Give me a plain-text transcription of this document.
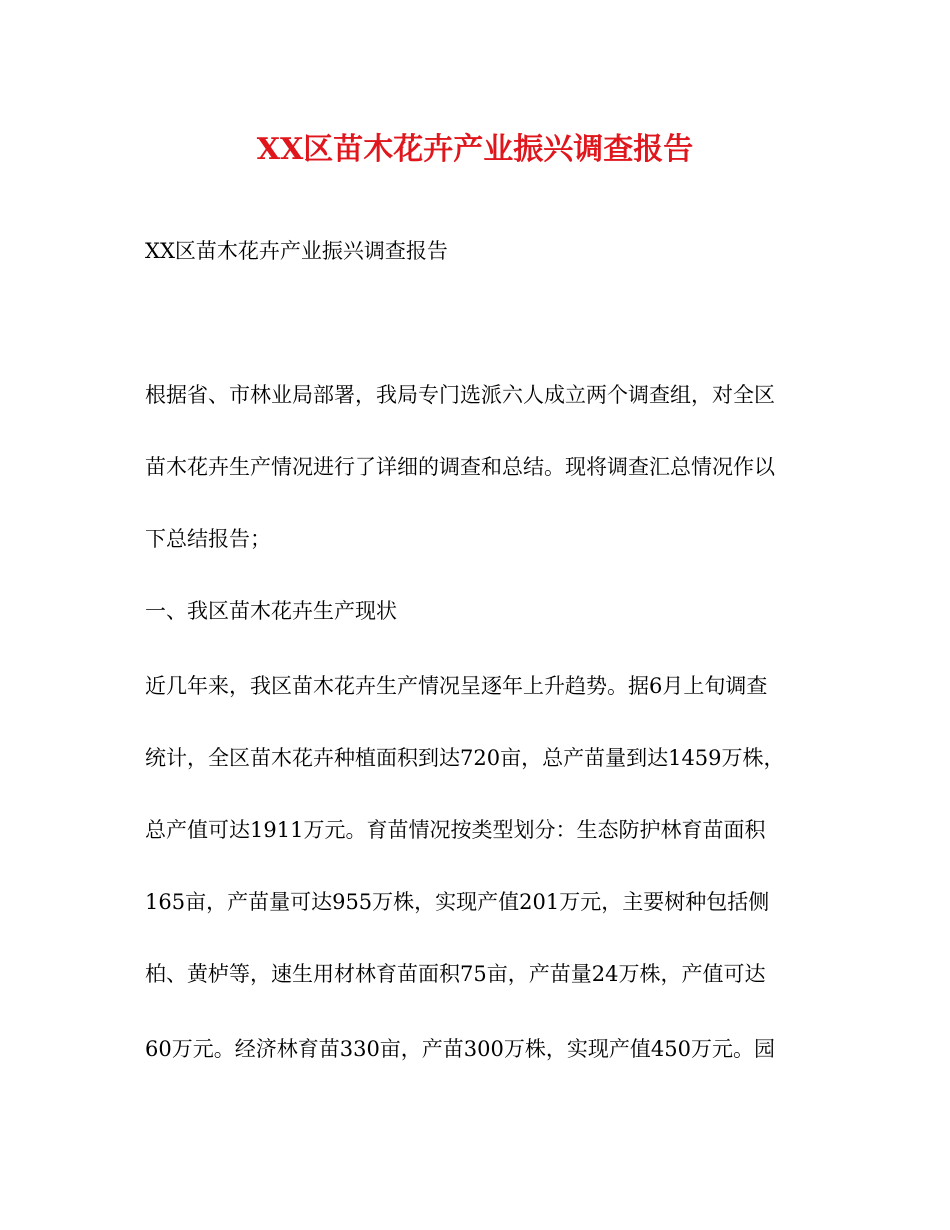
XX区苗木花卉产业振兴调查报告

XX区苗木花卉产业振兴调查报告

根据省、市林业局部署，我局专门选派六人成立两个调查组，对全区

苗木花卉生产情况进行了详细的调查和总结。现将调查汇总情况作以

下总结报告；

一、我区苗木花卉生产现状

近几年来，我区苗木花卉生产情况呈逐年上升趋势。据6月上旬调查

统计，全区苗木花卉种植面积到达720亩，总产苗量到达1459万株，

总产值可达1911万元。育苗情况按类型划分：生态防护林育苗面积

165亩，产苗量可达955万株，实现产值201万元，主要树种包括侧

柏、黄栌等，速生用材林育苗面积75亩，产苗量24万株，产值可达

60万元。经济林育苗330亩，产苗300万株，实现产值450万元。园
